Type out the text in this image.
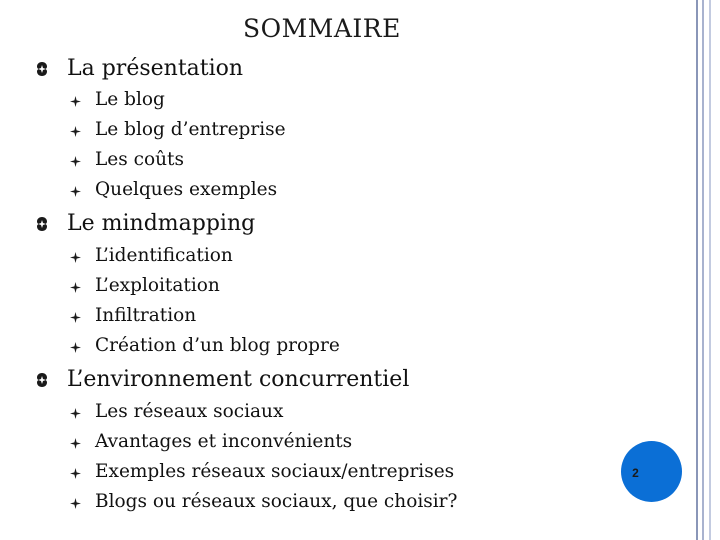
SOMMAIRE
La présentation
Le blog
Le blog d’entreprise
Les coûts
Quelques exemples
Le mindmapping
L’identification
L’exploitation
Infiltration
Création d’un blog propre
L’environnement concurrentiel
Les réseaux sociaux
Avantages et inconvénients
Exemples réseaux sociaux/entreprises
Blogs ou réseaux sociaux, que choisir?
2
